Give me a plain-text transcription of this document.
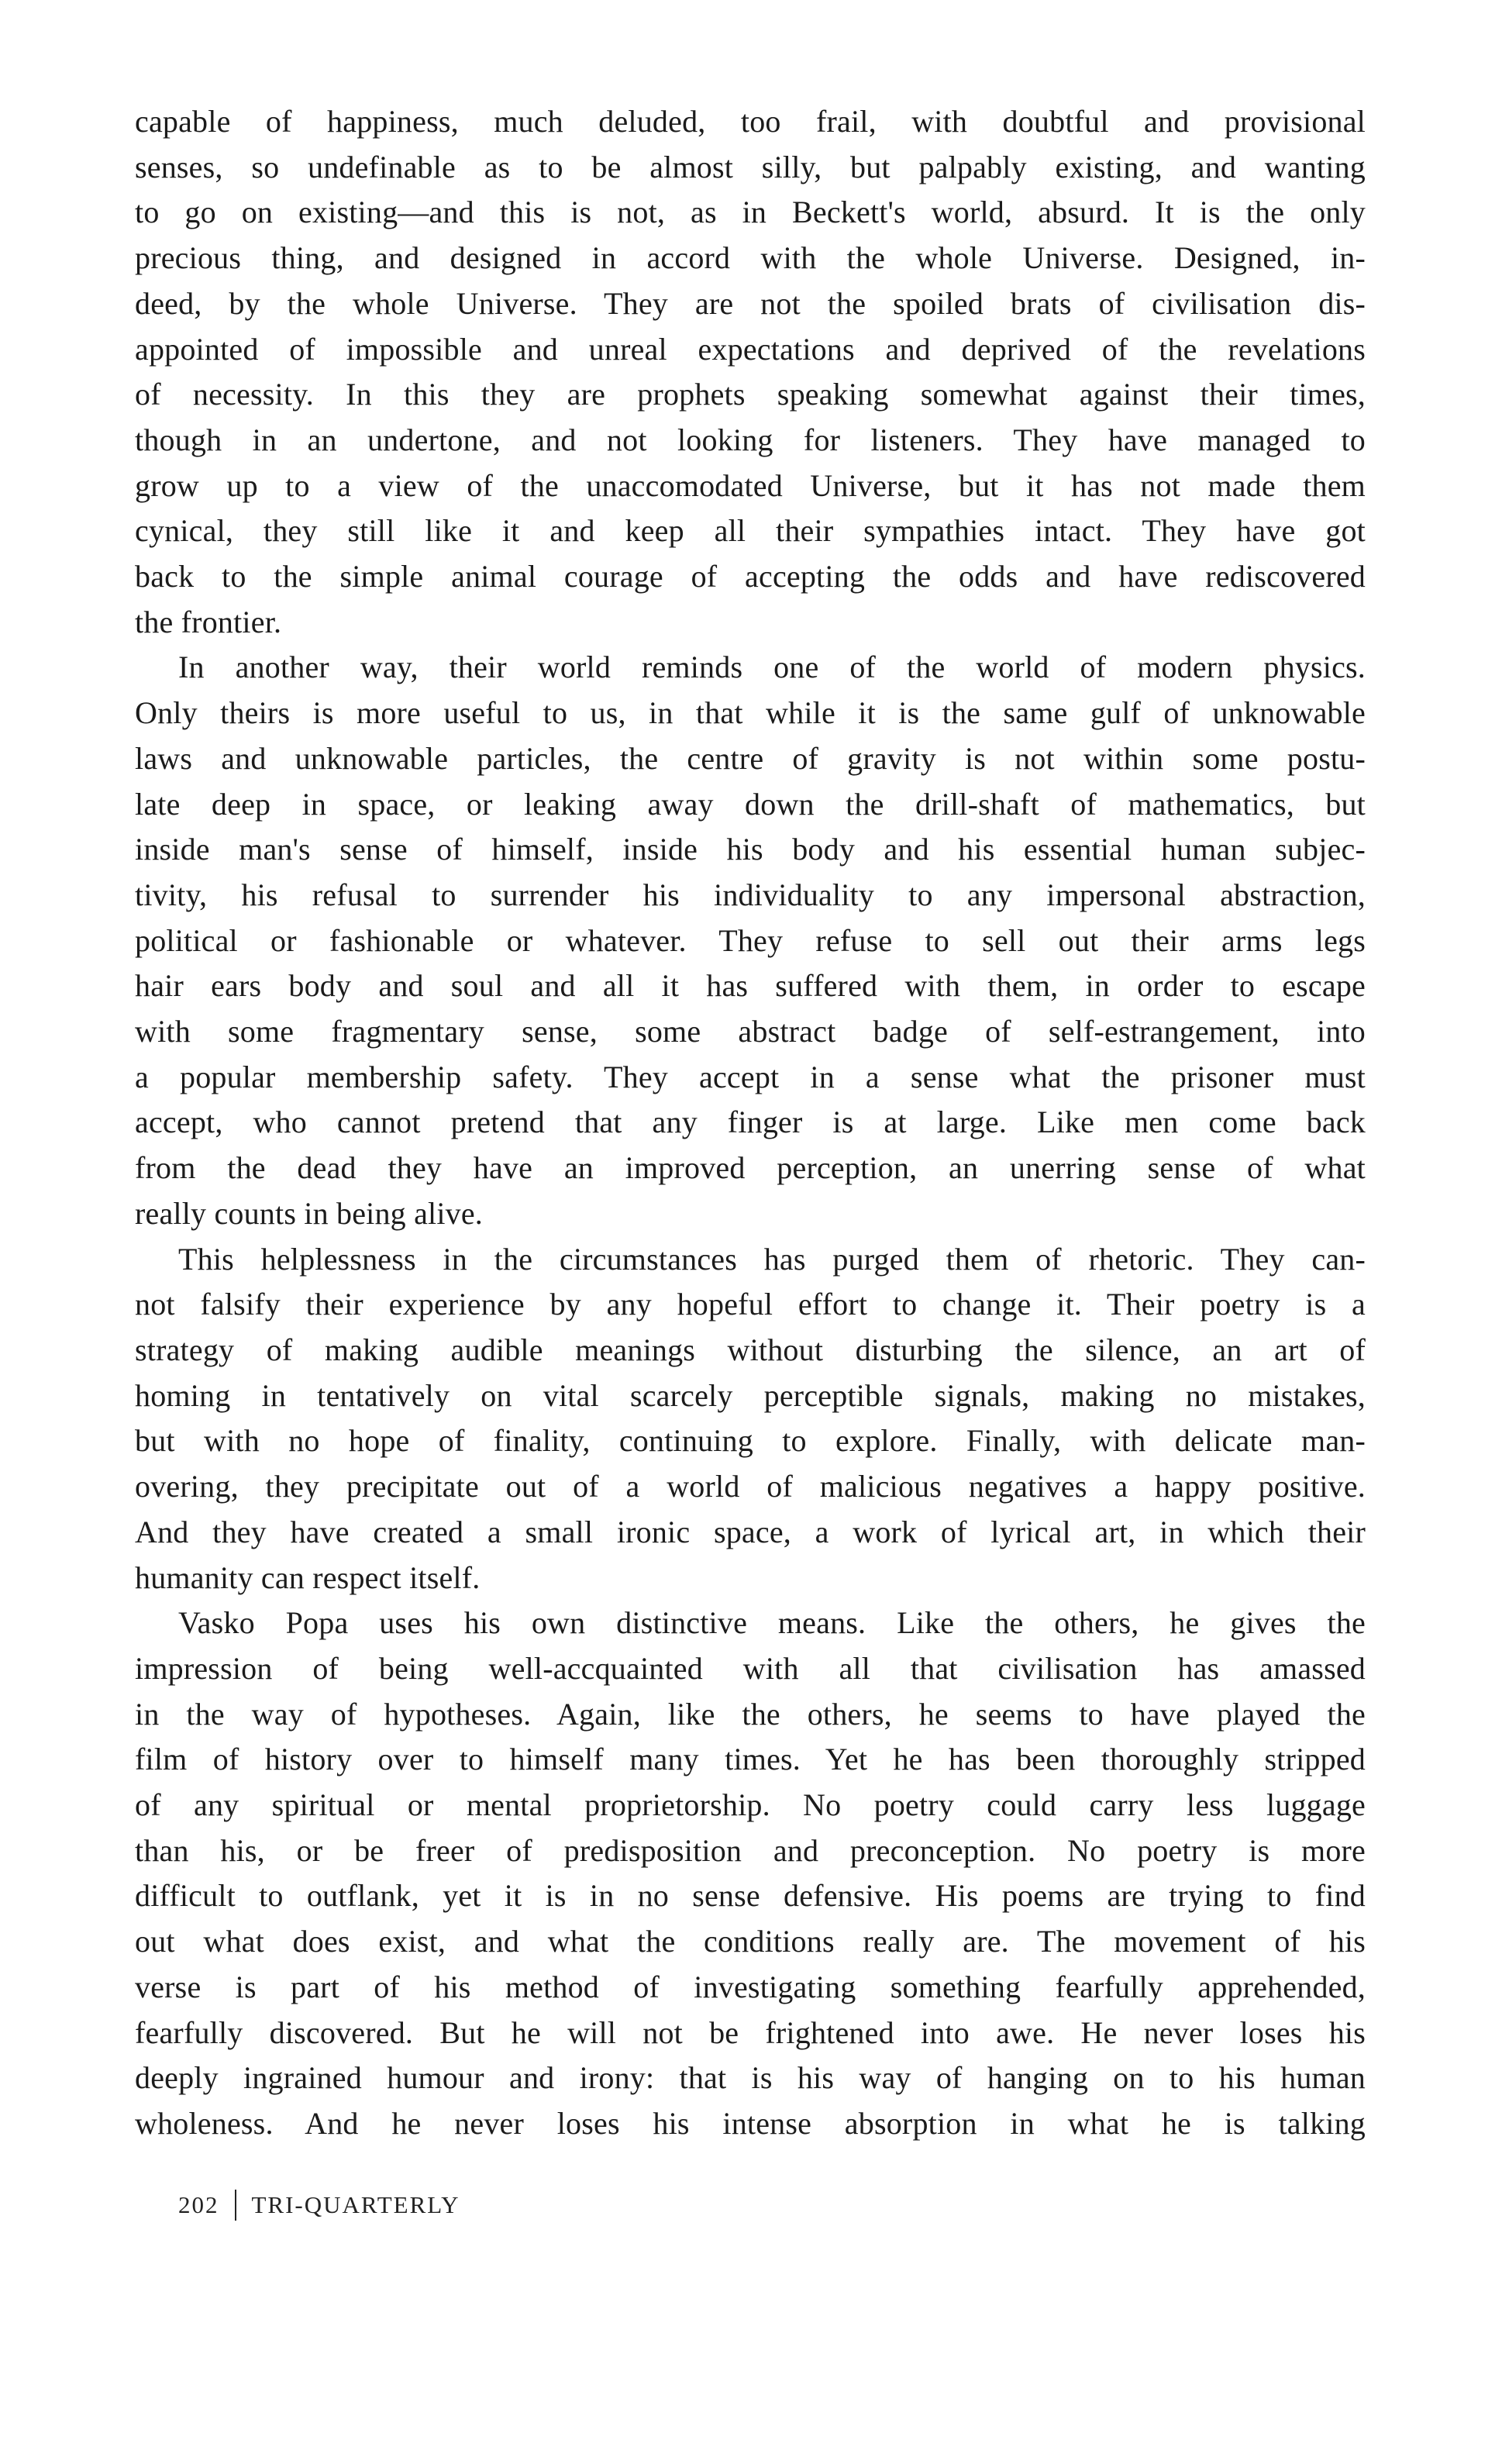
capable of happiness, much deluded, too frail, with doubtful and provisional
senses, so undefinable as to be almost silly, but palpably existing, and wanting
to go on existing—and this is not, as in Beckett's world, absurd. It is the only
precious thing, and designed in accord with the whole Universe. Designed, in-
deed, by the whole Universe. They are not the spoiled brats of civilisation dis-
appointed of impossible and unreal expectations and deprived of the revelations
of necessity. In this they are prophets speaking somewhat against their times,
though in an undertone, and not looking for listeners. They have managed to
grow up to a view of the unaccomodated Universe, but it has not made them
cynical, they still like it and keep all their sympathies intact. They have got
back to the simple animal courage of accepting the odds and have rediscovered
the frontier.

In another way, their world reminds one of the world of modern physics.
Only theirs is more useful to us, in that while it is the same gulf of unknowable
laws and unknowable particles, the centre of gravity is not within some postu-
late deep in space, or leaking away down the drill-shaft of mathematics, but
inside man's sense of himself, inside his body and his essential human subjec-
tivity, his refusal to surrender his individuality to any impersonal abstraction,
political or fashionable or whatever. They refuse to sell out their arms legs
hair ears body and soul and all it has suffered with them, in order to escape
with some fragmentary sense, some abstract badge of self-estrangement, into
a popular membership safety. They accept in a sense what the prisoner must
accept, who cannot pretend that any finger is at large. Like men come back
from the dead they have an improved perception, an unerring sense of what
really counts in being alive.

This helplessness in the circumstances has purged them of rhetoric. They can-
not falsify their experience by any hopeful effort to change it. Their poetry is a
strategy of making audible meanings without disturbing the silence, an art of
homing in tentatively on vital scarcely perceptible signals, making no mistakes,
but with no hope of finality, continuing to explore. Finally, with delicate man-
overing, they precipitate out of a world of malicious negatives a happy positive.
And they have created a small ironic space, a work of lyrical art, in which their
humanity can respect itself.

Vasko Popa uses his own distinctive means. Like the others, he gives the
impression of being well-accquainted with all that civilisation has amassed
in the way of hypotheses. Again, like the others, he seems to have played the
film of history over to himself many times. Yet he has been thoroughly stripped
of any spiritual or mental proprietorship. No poetry could carry less luggage
than his, or be freer of predisposition and preconception. No poetry is more
difficult to outflank, yet it is in no sense defensive. His poems are trying to find
out what does exist, and what the conditions really are. The movement of his
verse is part of his method of investigating something fearfully apprehended,
fearfully discovered. But he will not be frightened into awe. He never loses his
deeply ingrained humour and irony: that is his way of hanging on to his human
wholeness. And he never loses his intense absorption in what he is talking

202 TRI-QUARTERLY
